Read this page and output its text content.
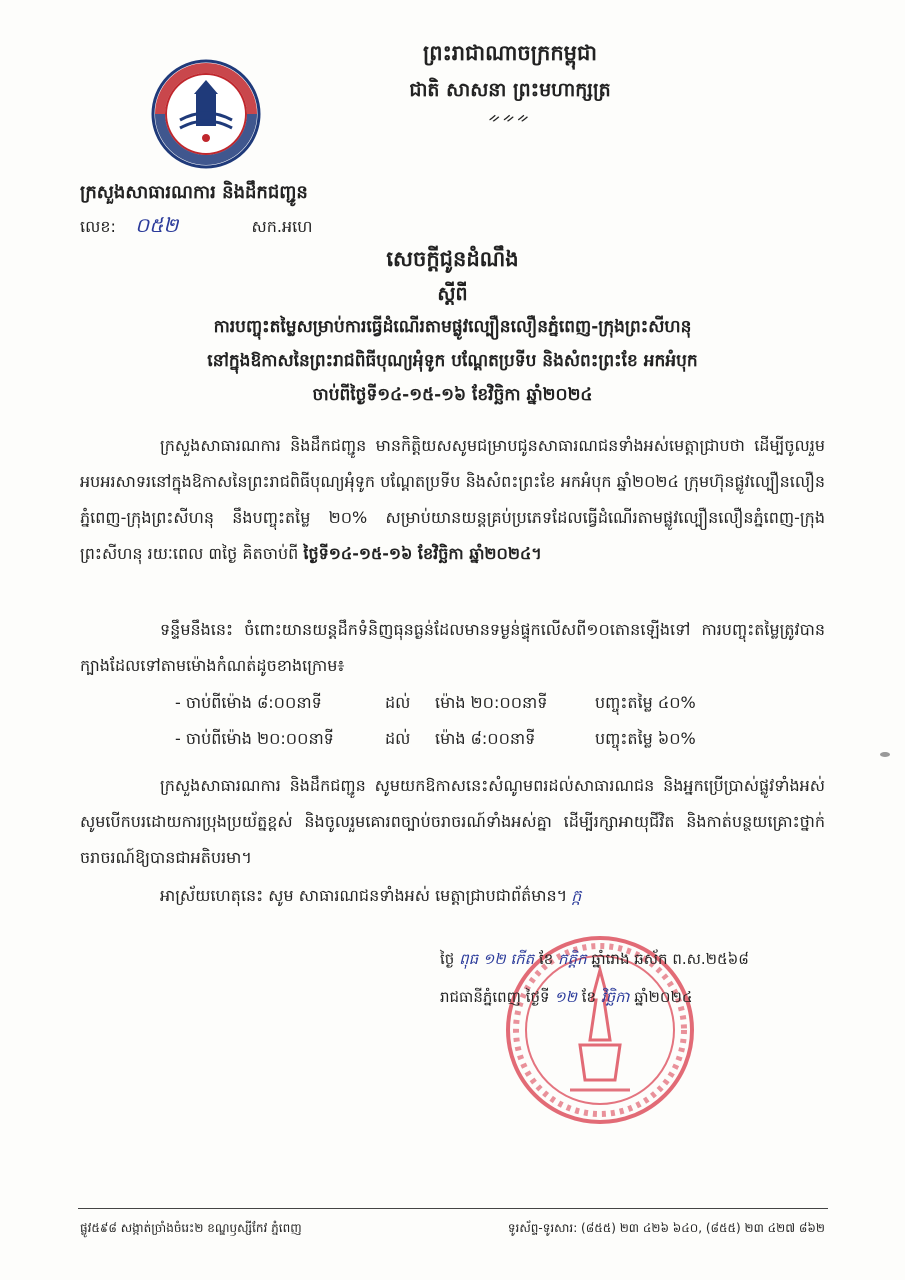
ព្រះរាជាណាចក្រកម្ពុជា
ជាតិ សាសនា ព្រះមហាក្សត្រ
ᨀᨀᨀ
ក្រសួងសាធារណការ និងដឹកជញ្ជូន
លេខ: ០៥២	សក.អហេ
សេចក្ដីជូនដំណឹង
ស្ដីពី
ការបញ្ចុះតម្លៃសម្រាប់ការធ្វើដំណើរតាមផ្លូវល្បឿនលឿនភ្នំពេញ-ក្រុងព្រះសីហនុ
នៅក្នុងឱកាសនៃព្រះរាជពិធីបុណ្យអុំទូក បណ្ដែតប្រទីប និងសំពះព្រះខែ អកអំបុក
ចាប់ពីថ្ងៃទី១៤-១៥-១៦ ខែវិច្ឆិកា ឆ្នាំ២០២៤
ក្រសួងសាធារណការ និងដឹកជញ្ជូន មានកិត្តិយសសូមជម្រាបជូនសាធារណជនទាំងអស់មេត្តាជ្រាបថា ដើម្បីចូលរួមអបអរសាទរនៅក្នុងឱកាសនៃព្រះរាជពិធីបុណ្យអុំទូក បណ្ដែតប្រទីប និងសំពះព្រះខែ អកអំបុក ឆ្នាំ២០២៤ ក្រុមហ៊ុនផ្លូវល្បឿនលឿនភ្នំពេញ-ក្រុងព្រះសីហនុ នឹងបញ្ចុះតម្លៃ ២០% សម្រាប់យានយន្តគ្រប់ប្រភេទដែលធ្វើដំណើរតាមផ្លូវល្បឿនលឿនភ្នំពេញ-ក្រុងព្រះសីហនុ រយៈពេល ៣ថ្ងៃ គិតចាប់ពី ថ្ងៃទី១៤-១៥-១៦ ខែវិច្ឆិកា ឆ្នាំ២០២៤។
ទន្ទឹមនឹងនេះ ចំពោះយានយន្តដឹកទំនិញធុនធ្ងន់ដែលមានទម្ងន់ផ្ទុកលើសពី១០តោនឡើងទៅ ការបញ្ចុះតម្លៃត្រូវបានក្បាងដែលទៅតាមម៉ោងកំណត់ដូចខាងក្រោម៖
- ចាប់ពីម៉ោង ៨:០០នាទី	ដល់ ម៉ោង ២០:០០នាទី	បញ្ចុះតម្លៃ ៤០%
- ចាប់ពីម៉ោង ២០:០០នាទី	ដល់ ម៉ោង ៨:០០នាទី	បញ្ចុះតម្លៃ ៦០%
ក្រសួងសាធារណការ និងដឹកជញ្ជូន សូមយកឱកាសនេះសំណូមពរដល់សាធារណជន និងអ្នកប្រើប្រាស់ផ្លូវទាំងអស់ សូមបើកបរដោយការប្រុងប្រយ័ត្នខ្ពស់ និងចូលរួមគោរពច្បាប់ចរាចរណ៍ទាំងអស់គ្នា ដើម្បីរក្សាអាយុជីវិត និងកាត់បន្ថយគ្រោះថ្នាក់ចរាចរណ៍ឱ្យបានជាអតិបរមា។
អាស្រ័យហេតុនេះ សូម សាធារណជនទាំងអស់ មេត្តាជ្រាបជាព័ត៌មាន។ ក្ក
ថ្ងៃ ពុធ ១២ កើត ខែ កត្តិក ឆ្នាំរោង ឆស័ក ព.ស.២៥៦៨
រាជធានីភ្នំពេញ ថ្ងៃទី ១២ ខែ វិច្ឆិកា ឆ្នាំ២០២៤
ផ្លូវ៥៩៨ សង្កាត់ច្រាំងចំរេះ២ ខណ្ឌឫស្សីកែវ ភ្នំពេញ	ទូរស័ព្ទ-ទូរសារ: (៨៥៥) ២៣ ៤២៦ ៦៤០, (៨៥៥) ២៣ ៤២៧ ៨៦២
